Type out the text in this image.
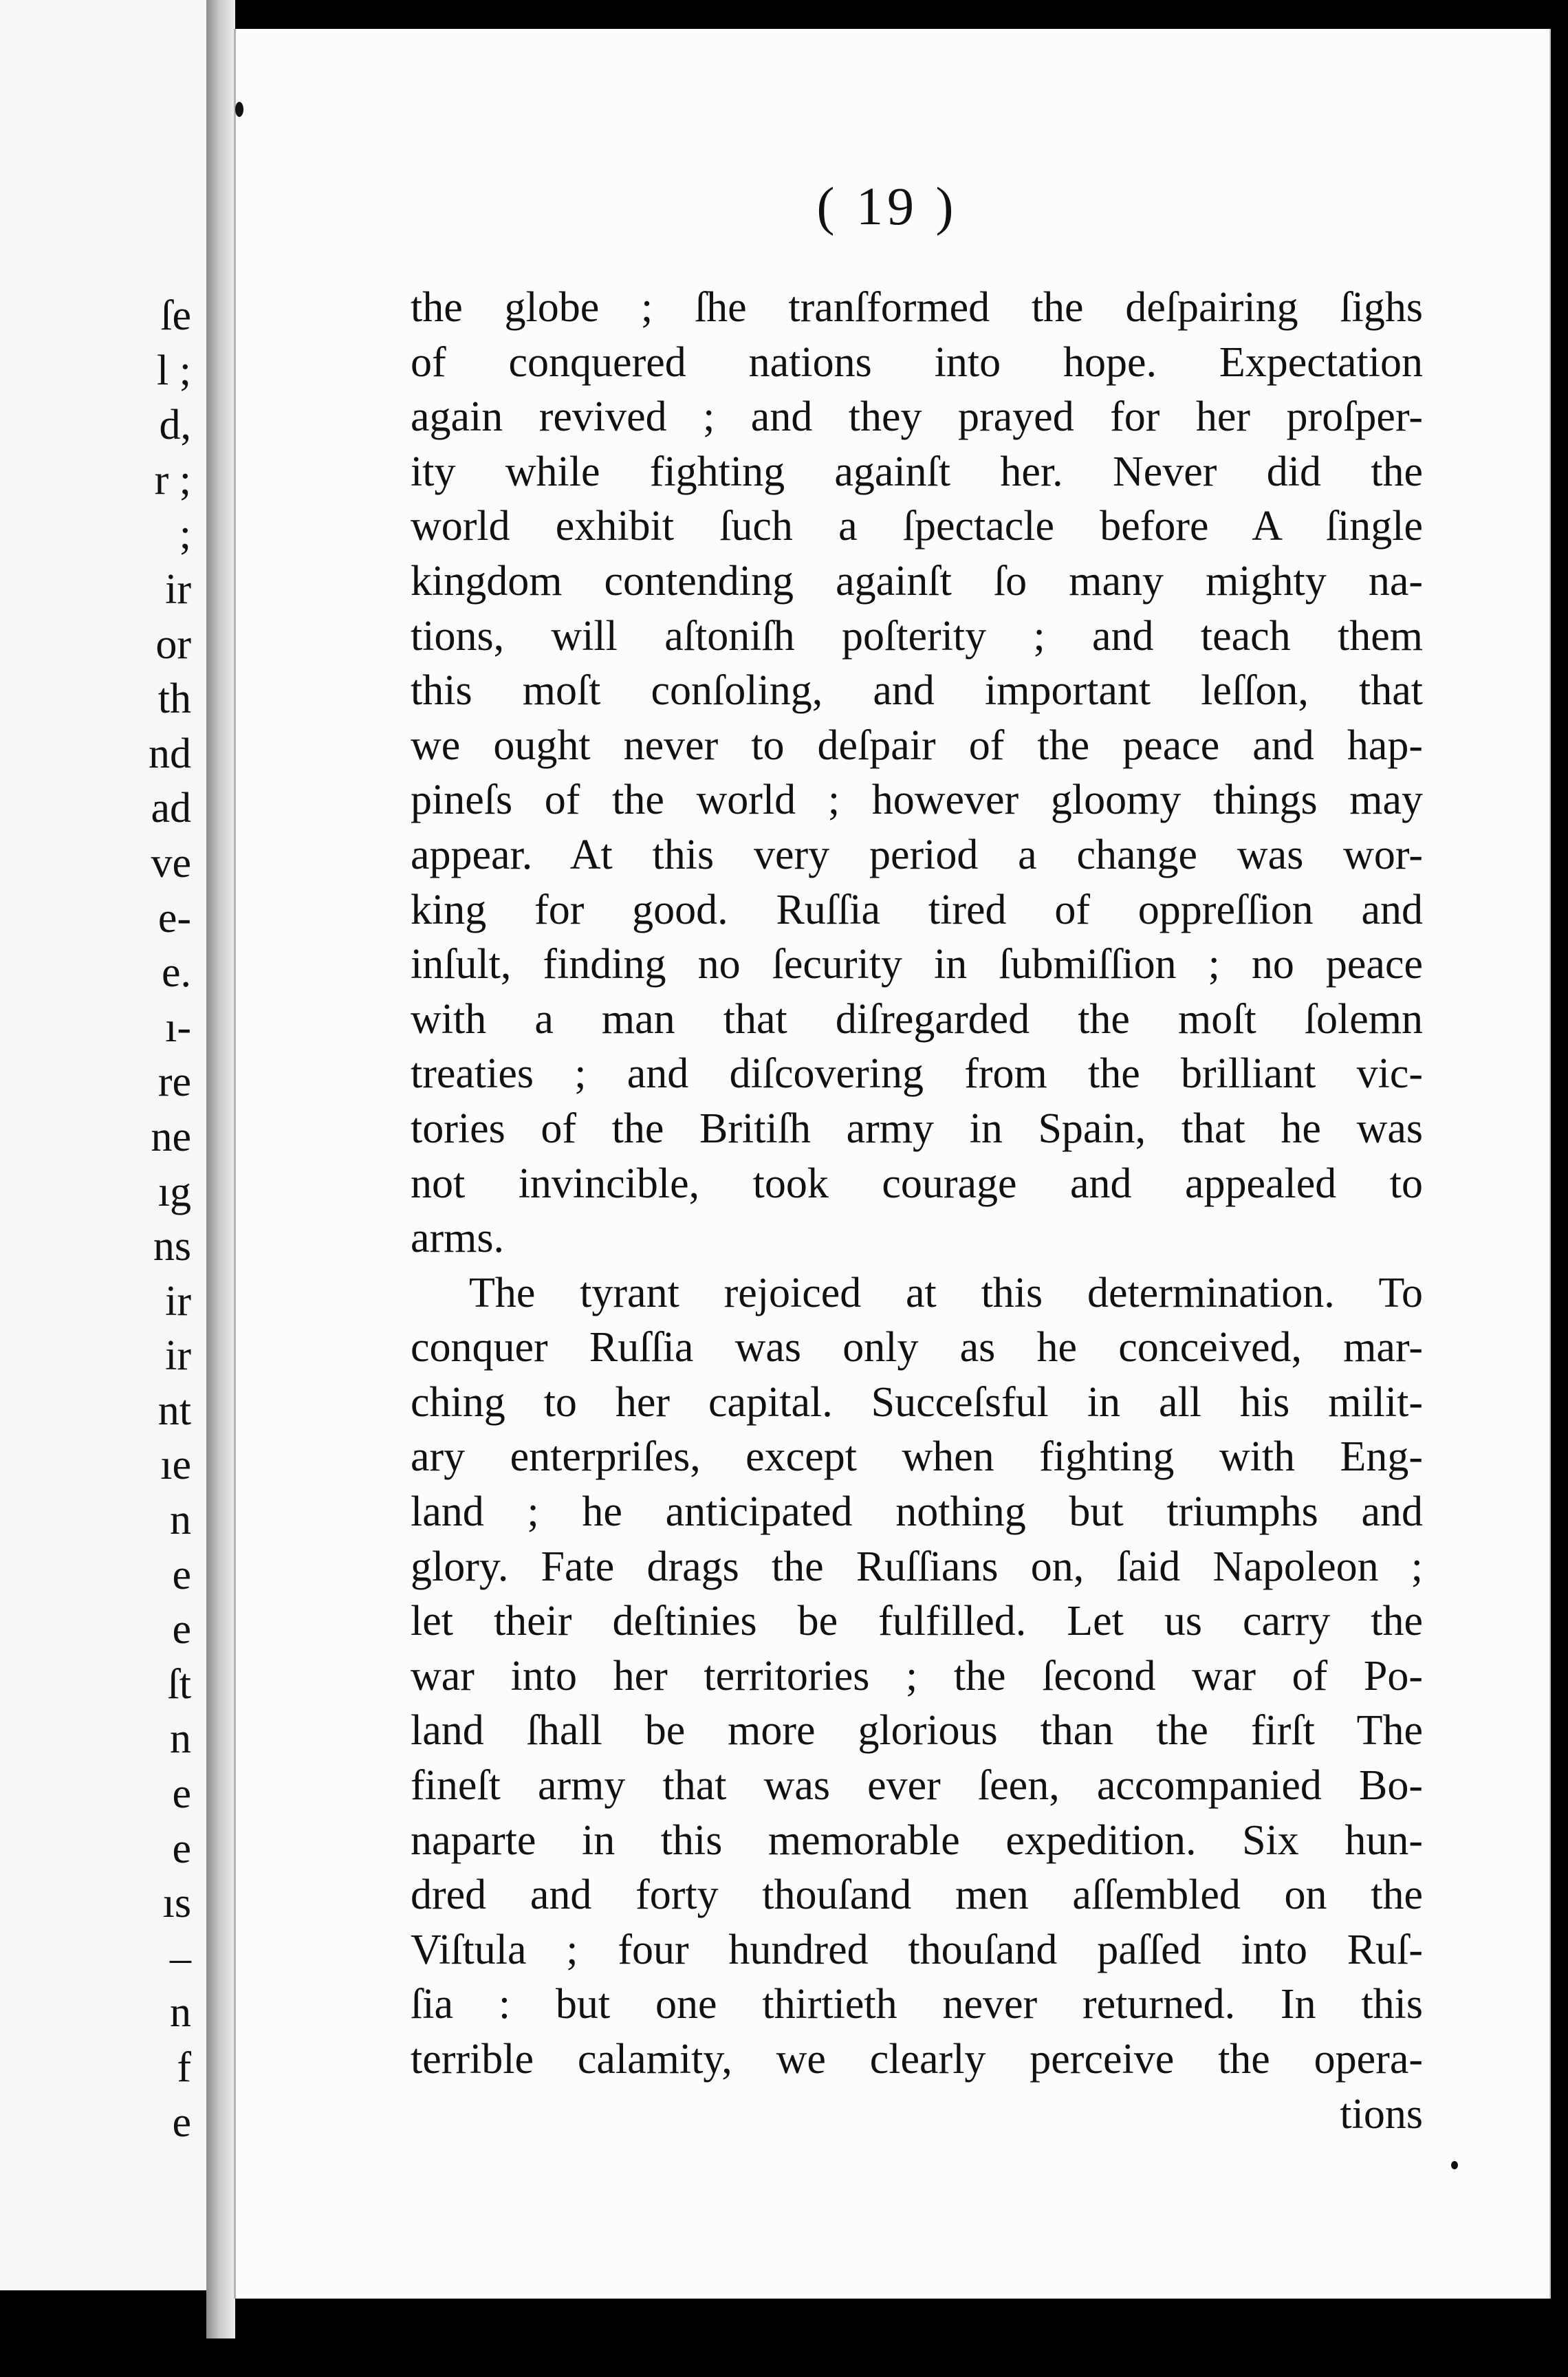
ſe
l ;
d,
r ;
;
ir
or
th
nd
ad
ve
e-
e.
ı-
re
ne
ıg
ns
ir
ir
nt
ıe
n
e
e
ſt
n
e
e
ıs
–
n
f
e
( 19 )
the globe ; ſhe tranſformed the deſpairing ſighs
of conquered nations into hope. Expectation
again revived ; and they prayed for her proſper-
ity while fighting againſt her. Never did the
world exhibit ſuch a ſpectacle before A ſingle
kingdom contending againſt ſo many mighty na-
tions, will aſtoniſh poſterity ; and teach them
this moſt conſoling, and important leſſon, that
we ought never to deſpair of the peace and hap-
pineſs of the world ; however gloomy things may
appear. At this very period a change was wor-
king for good. Ruſſia tired of oppreſſion and
inſult, finding no ſecurity in ſubmiſſion ; no peace
with a man that diſregarded the moſt ſolemn
treaties ; and diſcovering from the brilliant vic-
tories of the Britiſh army in Spain, that he was
not invincible, took courage and appealed to
arms.
The tyrant rejoiced at this determination. To
conquer Ruſſia was only as he conceived, mar-
ching to her capital. Succeſsful in all his milit-
ary enterpriſes, except when fighting with Eng-
land ; he anticipated nothing but triumphs and
glory. Fate drags the Ruſſians on, ſaid Napoleon ;
let their deſtinies be fulfilled. Let us carry the
war into her territories ; the ſecond war of Po-
land ſhall be more glorious than the firſt The
fineſt army that was ever ſeen, accompanied Bo-
naparte in this memorable expedition. Six hun-
dred and forty thouſand men aſſembled on the
Viſtula ; four hundred thouſand paſſed into Ruſ-
ſia : but one thirtieth never returned. In this
terrible calamity, we clearly perceive the opera-
tions
